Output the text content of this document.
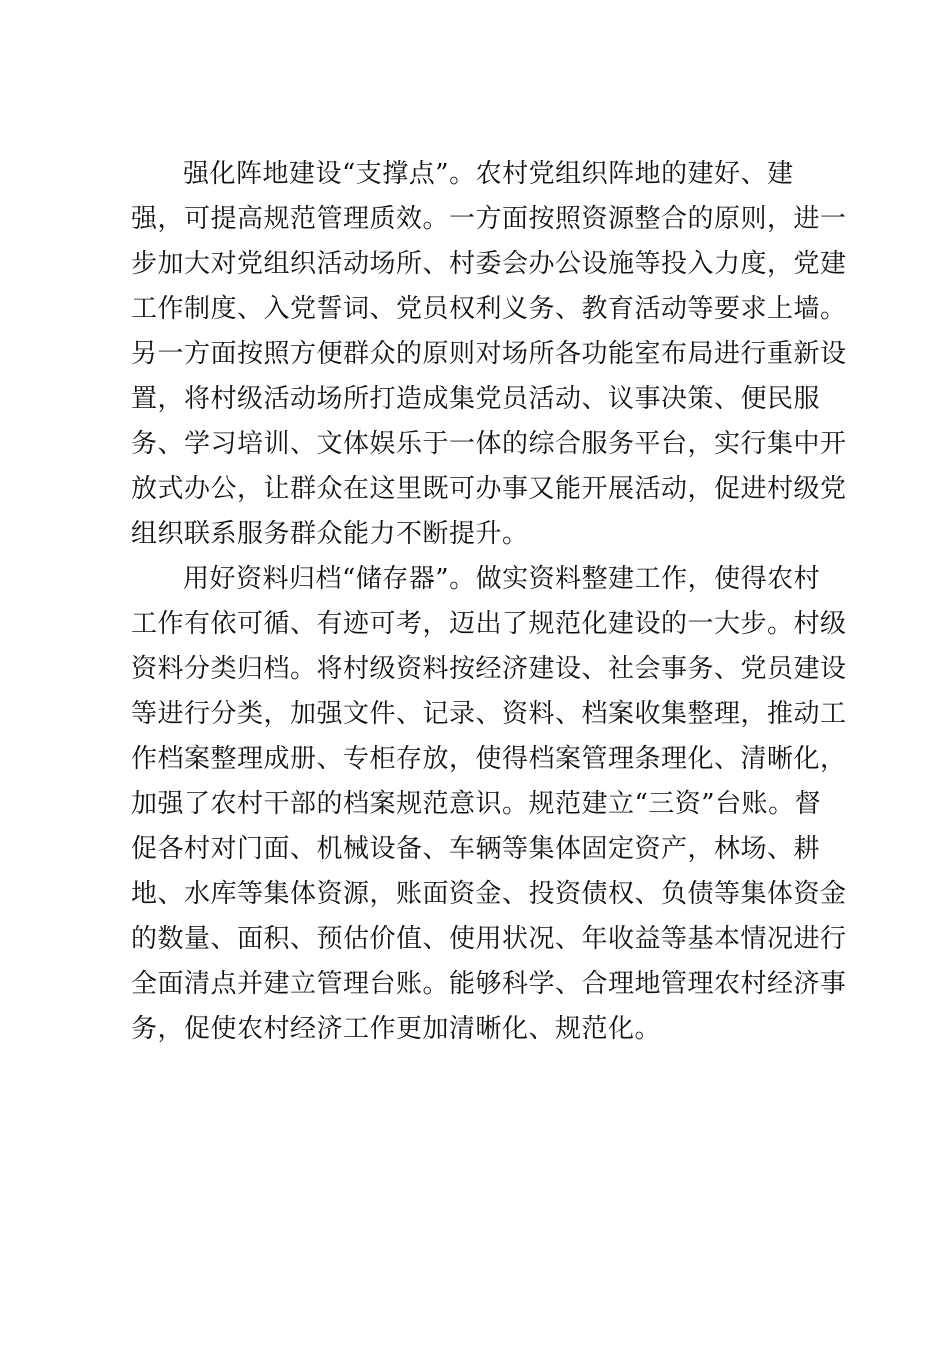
强化阵地建设“支撑点”。农村党组织阵地的建好、建
强，可提高规范管理质效。一方面按照资源整合的原则，进一
步加大对党组织活动场所、村委会办公设施等投入力度，党建
工作制度、入党誓词、党员权利义务、教育活动等要求上墙。
另一方面按照方便群众的原则对场所各功能室布局进行重新设
置，将村级活动场所打造成集党员活动、议事决策、便民服
务、学习培训、文体娱乐于一体的综合服务平台，实行集中开
放式办公，让群众在这里既可办事又能开展活动，促进村级党
组织联系服务群众能力不断提升。
用好资料归档“储存器”。做实资料整建工作，使得农村
工作有依可循、有迹可考，迈出了规范化建设的一大步。村级
资料分类归档。将村级资料按经济建设、社会事务、党员建设
等进行分类，加强文件、记录、资料、档案收集整理，推动工
作档案整理成册、专柜存放，使得档案管理条理化、清晰化，
加强了农村干部的档案规范意识。规范建立“三资”台账。督
促各村对门面、机械设备、车辆等集体固定资产，林场、耕
地、水库等集体资源，账面资金、投资债权、负债等集体资金
的数量、面积、预估价值、使用状况、年收益等基本情况进行
全面清点并建立管理台账。能够科学、合理地管理农村经济事
务，促使农村经济工作更加清晰化、规范化。
